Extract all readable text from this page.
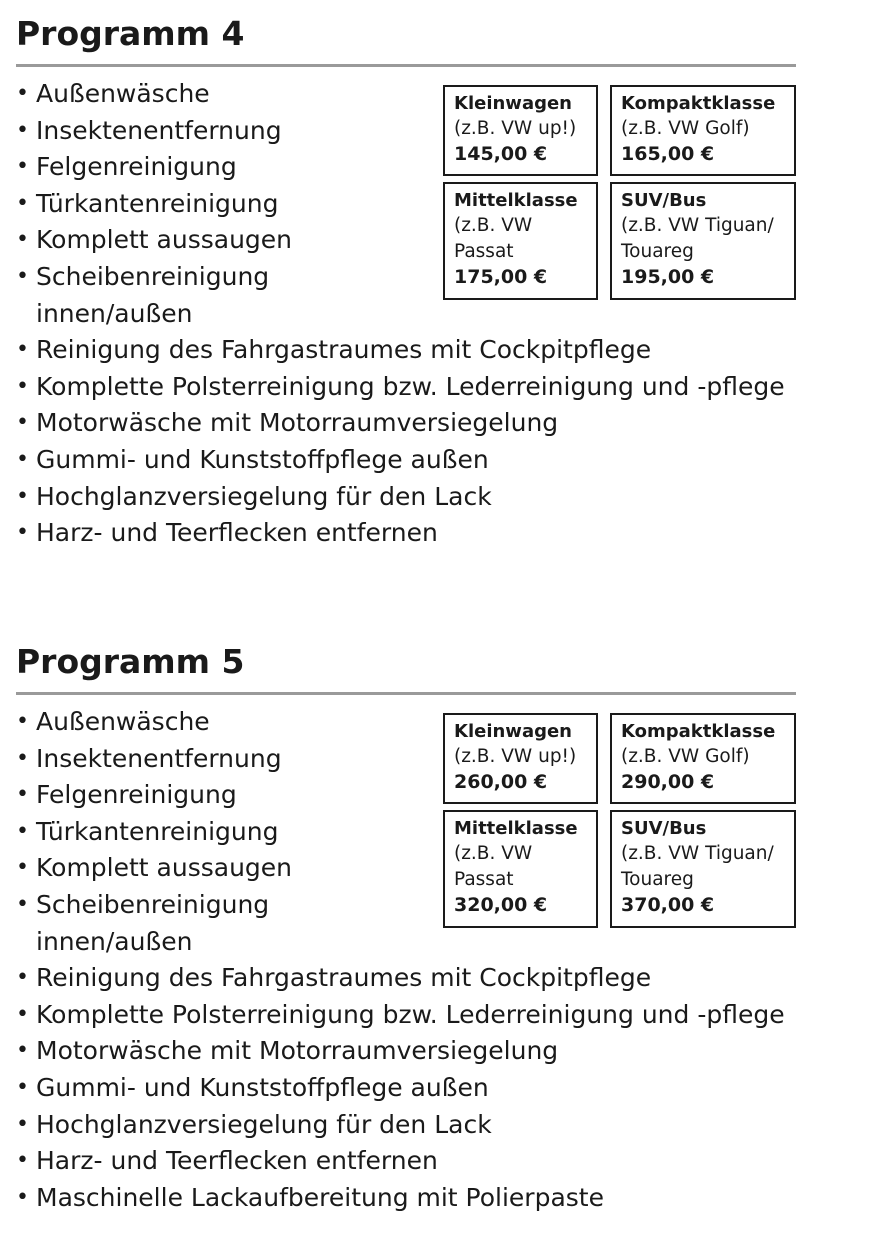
Programm 4
• Außenwäsche
• Insektenentfernung
• Felgenreinigung
• Türkantenreinigung
• Komplett aussaugen
• Scheibenreinigung innen/außen
• Reinigung des Fahrgastraumes mit Cockpitpflege
• Komplette Polsterreinigung bzw. Lederreinigung und -pflege
• Motorwäsche mit Motorraumversiegelung
• Gummi- und Kunststoffpflege außen
• Hochglanzversiegelung für den Lack
• Harz- und Teerflecken entfernen
Kleinwagen
(z.B. VW up!)
145,00 €
Kompaktklasse
(z.B. VW Golf)
165,00 €
Mittelklasse
(z.B. VW Passat
175,00 €
SUV/Bus
(z.B. VW Tiguan/ Touareg
195,00 €
Programm 5
• Außenwäsche
• Insektenentfernung
• Felgenreinigung
• Türkantenreinigung
• Komplett aussaugen
• Scheibenreinigung innen/außen
• Reinigung des Fahrgastraumes mit Cockpitpflege
• Komplette Polsterreinigung bzw. Lederreinigung und -pflege
• Motorwäsche mit Motorraumversiegelung
• Gummi- und Kunststoffpflege außen
• Hochglanzversiegelung für den Lack
• Harz- und Teerflecken entfernen
• Maschinelle Lackaufbereitung mit Polierpaste
Kleinwagen
(z.B. VW up!)
260,00 €
Kompaktklasse
(z.B. VW Golf)
290,00 €
Mittelklasse
(z.B. VW Passat
320,00 €
SUV/Bus
(z.B. VW Tiguan/ Touareg
370,00 €
